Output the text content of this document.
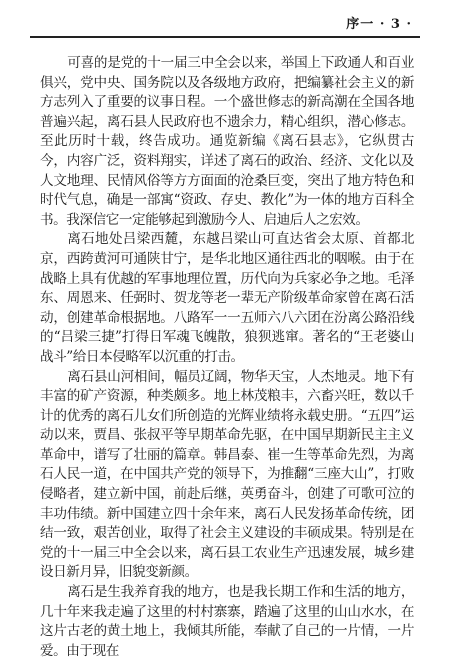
序一 · 3 ·

可喜的是党的十一届三中全会以来，举国上下政通人和百业俱兴，党中央、国务院以及各级地方政府，把编纂社会主义的新方志列入了重要的议事日程。一个盛世修志的新高潮在全国各地普遍兴起，离石县人民政府也不遗余力，精心组织，潜心修志。至此历时十载，终告成功。通览新编《离石县志》，它纵贯古今，内容广泛，资料翔实，详述了离石的政治、经济、文化以及人文地理、民情风俗等方方面面的沧桑巨变，突出了地方特色和时代气息，确是一部寓“资政、存史、教化”为一体的地方百科全书。我深信它一定能够起到激励今人、启迪后人之宏效。

离石地处吕梁西麓，东越吕梁山可直达省会太原、首都北京，西跨黄河可通陕甘宁，是华北地区通往西北的咽喉。由于在战略上具有优越的军事地理位置，历代向为兵家必争之地。毛泽东、周恩来、任弼时、贺龙等老一辈无产阶级革命家曾在离石活动，创建革命根据地。八路军一一五师六八六团在汾离公路沿线的“吕梁三捷”打得日军魂飞魄散，狼狈逃窜。著名的“王老婆山战斗”给日本侵略军以沉重的打击。

离石县山河相间，幅员辽阔，物华天宝，人杰地灵。地下有丰富的矿产资源，种类颇多。地上林茂粮丰，六畜兴旺，数以千计的优秀的离石儿女们所创造的光辉业绩将永载史册。“五四”运动以来，贾昌、张叔平等早期革命先驱，在中国早期新民主主义革命中，谱写了壮丽的篇章。韩昌泰、崔一生等革命先烈，为离石人民一道，在中国共产党的领导下，为推翻“三座大山”，打败侵略者，建立新中国，前赴后继，英勇奋斗，创建了可歌可泣的丰功伟绩。新中国建立四十余年来，离石人民发扬革命传统，团结一致，艰苦创业，取得了社会主义建设的丰硕成果。特别是在党的十一届三中全会以来，离石县工农业生产迅速发展，城乡建设日新月异，旧貌变新颜。

离石是生我养育我的地方，也是我长期工作和生活的地方，几十年来我走遍了这里的村村寨寨，踏遍了这里的山山水水，在这片古老的黄土地上，我倾其所能，奉献了自己的一片情，一片爱。由于现在
